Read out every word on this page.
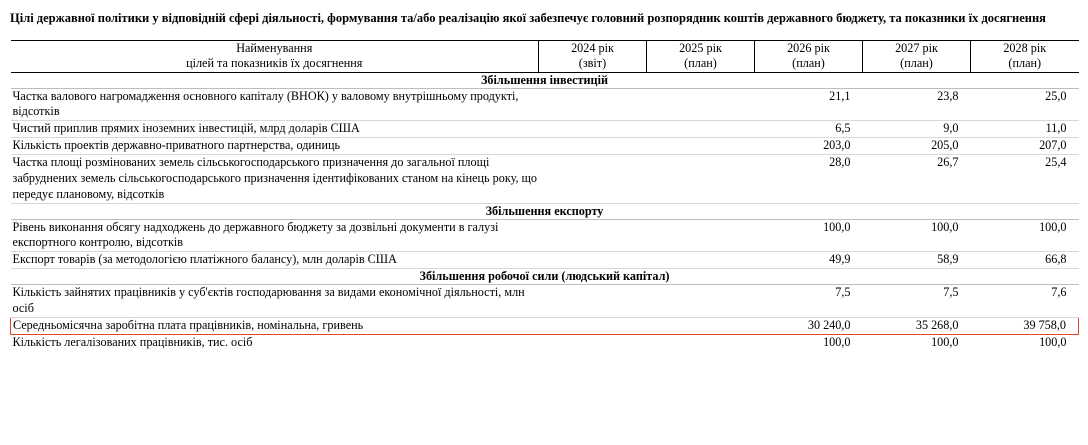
Цілі державної політики у відповідній сфері діяльності, формування та/або реалізацію якої забезпечує головний розпорядник коштів державного бюджету, та показники їх досягнення

Найменування
цілей та показників їх досягнення

2024 рік
(звіт)

2025 рік
(план)

2026 рік
(план)

2027 рік
(план)

2028 рік
(план)

Збільшення інвестицій					
Частка валового нагромадження основного капіталу (ВНОК) у валовому внутрішньому продукті, відсотків			21,1	23,8	25,0
Чистий приплив прямих іноземних інвестицій, млрд доларів США			6,5	9,0	11,0
Кількість проектів державно-приватного партнерства, одиниць			203,0	205,0	207,0
Частка площі розмінованих земель сільськогосподарського призначення до загальної площі забруднених земель сільськогосподарського призначення ідентифікованих станом на кінець року, що передує плановому, відсотків			28,0	26,7	25,4
Збільшення експорту					
Рівень виконання обсягу надходжень до державного бюджету за дозвільні документи в галузі експортного контролю, відсотків			100,0	100,0	100,0
Експорт товарів (за методологією платіжного балансу), млн доларів США			49,9	58,9	66,8
Збільшення робочої сили (людський капітал)					
Кількість зайнятих працівників у суб'єктів господарювання за видами економічної діяльності, млн осіб			7,5	7,5	7,6
Середньомісячна заробітна плата працівників, номінальна, гривень			30 240,0	35 268,0	39 758,0
Кількість легалізованих працівників, тис. осіб			100,0	100,0	100,0
